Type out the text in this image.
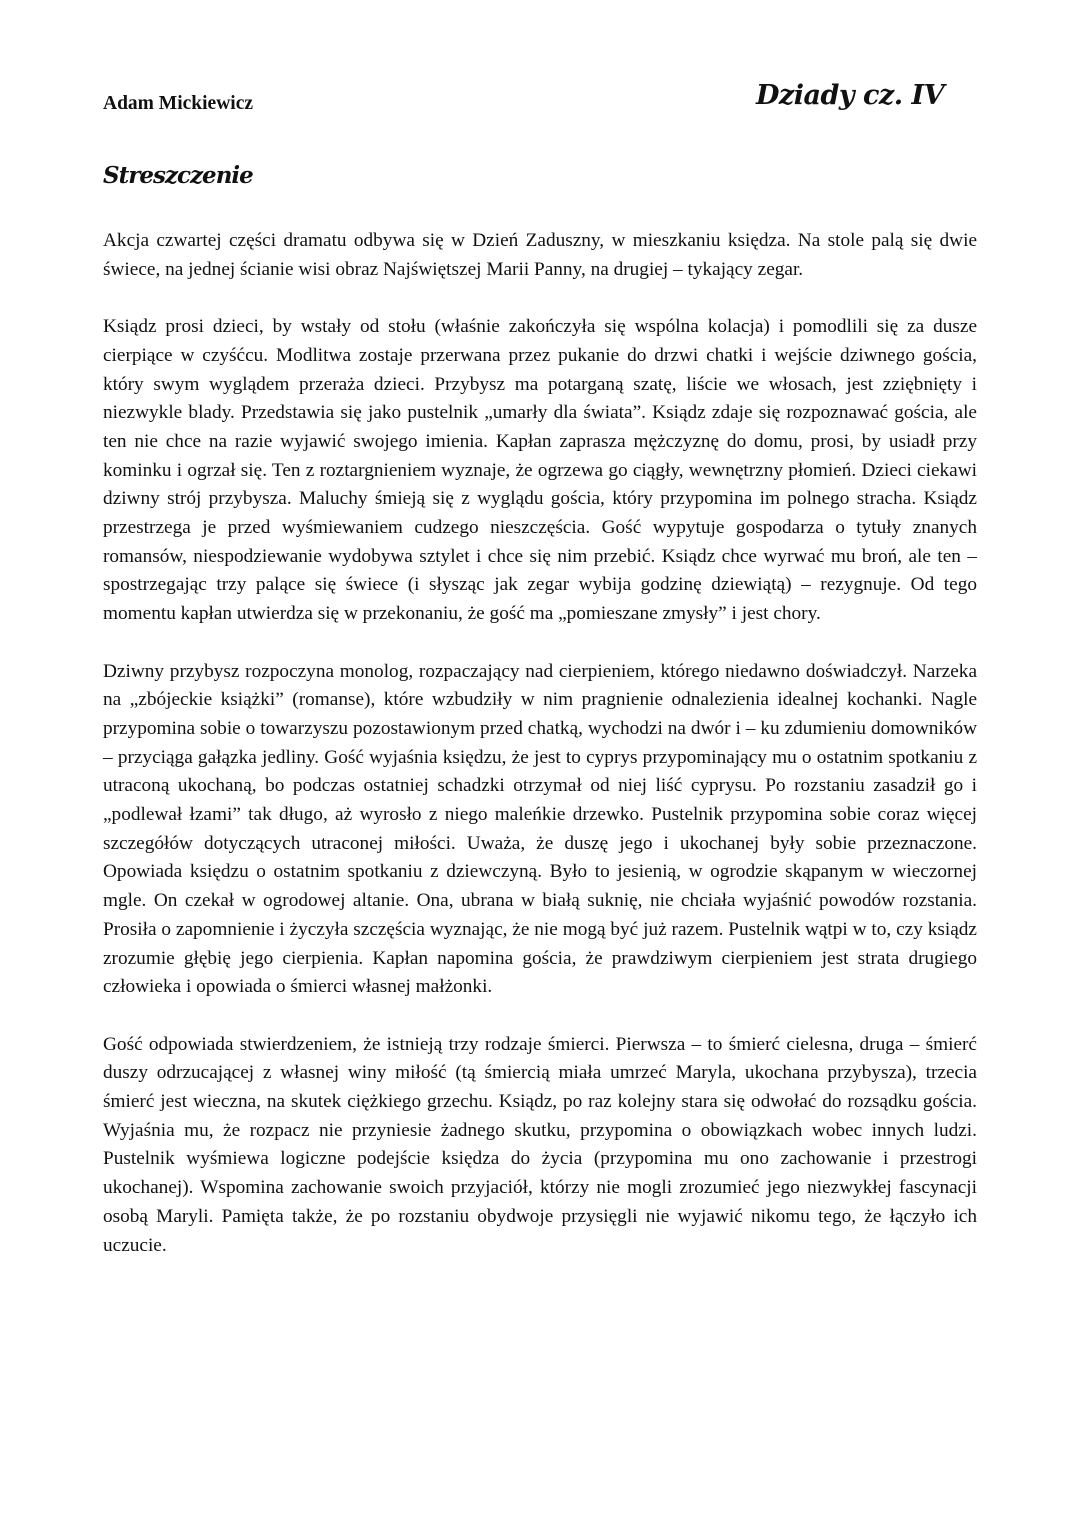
Adam Mickiewicz	Dziady cz. IV
Streszczenie

Akcja czwartej części dramatu odbywa się w Dzień Zaduszny, w mieszkaniu księdza. Na stole palą się dwie świece, na jednej ścianie wisi obraz Najświętszej Marii Panny, na drugiej – tykający zegar.

Ksiądz prosi dzieci, by wstały od stołu (właśnie zakończyła się wspólna kolacja) i pomodlili się za dusze cierpiące w czyśćcu. Modlitwa zostaje przerwana przez pukanie do drzwi chatki i wejście dziwnego gościa, który swym wyglądem przeraża dzieci. Przybysz ma potarganą szatę, liście we włosach, jest zziębnięty i niezwykle blady. Przedstawia się jako pustelnik „umarły dla świata”. Ksiądz zdaje się rozpoznawać gościa, ale ten nie chce na razie wyjawić swojego imienia. Kapłan zaprasza mężczyznę do domu, prosi, by usiadł przy kominku i ogrzał się. Ten z roztargnieniem wyznaje, że ogrzewa go ciągły, wewnętrzny płomień. Dzieci ciekawi dziwny strój przybysza. Maluchy śmieją się z wyglądu gościa, który przypomina im polnego stracha. Ksiądz przestrzega je przed wyśmiewaniem cudzego nieszczęścia. Gość wypytuje gospodarza o tytuły znanych romansów, niespodziewanie wydobywa sztylet i chce się nim przebić. Ksiądz chce wyrwać mu broń, ale ten – spostrzegając trzy palące się świece (i słysząc jak zegar wybija godzinę dziewiątą) – rezygnuje. Od tego momentu kapłan utwierdza się w przekonaniu, że gość ma „pomieszane zmysły” i jest chory.

Dziwny przybysz rozpoczyna monolog, rozpaczający nad cierpieniem, którego niedawno doświadczył. Narzeka na „zbójeckie książki” (romanse), które wzbudziły w nim pragnienie odnalezienia idealnej kochanki. Nagle przypomina sobie o towarzyszu pozostawionym przed chatką, wychodzi na dwór i – ku zdumieniu domowników – przyciąga gałązka jedliny. Gość wyjaśnia księdzu, że jest to cyprys przypominający mu o ostatnim spotkaniu z utraconą ukochaną, bo podczas ostatniej schadzki otrzymał od niej liść cyprysu. Po rozstaniu zasadził go i „podlewał łzami” tak długo, aż wyrosło z niego maleńkie drzewko. Pustelnik przypomina sobie coraz więcej szczegółów dotyczących utraconej miłości. Uważa, że duszę jego i ukochanej były sobie przeznaczone. Opowiada księdzu o ostatnim spotkaniu z dziewczyną. Było to jesienią, w ogrodzie skąpanym w wieczornej mgle. On czekał w ogrodowej altanie. Ona, ubrana w białą suknię, nie chciała wyjaśnić powodów rozstania. Prosiła o zapomnienie i życzyła szczęścia wyznając, że nie mogą być już razem. Pustelnik wątpi w to, czy ksiądz zrozumie głębię jego cierpienia. Kapłan napomina gościa, że prawdziwym cierpieniem jest strata drugiego człowieka i opowiada o śmierci własnej małżonki.

Gość odpowiada stwierdzeniem, że istnieją trzy rodzaje śmierci. Pierwsza – to śmierć cielesna, druga – śmierć duszy odrzucającej z własnej winy miłość (tą śmiercią miała umrzeć Maryla, ukochana przybysza), trzecia śmierć jest wieczna, na skutek ciężkiego grzechu. Ksiądz, po raz kolejny stara się odwołać do rozsądku gościa. Wyjaśnia mu, że rozpacz nie przyniesie żadnego skutku, przypomina o obowiązkach wobec innych ludzi. Pustelnik wyśmiewa logiczne podejście księdza do życia (przypomina mu ono zachowanie i przestrogi ukochanej). Wspomina zachowanie swoich przyjaciół, którzy nie mogli zrozumieć jego niezwykłej fascynacji osobą Maryli. Pamięta także, że po rozstaniu obydwoje przysięgli nie wyjawić nikomu tego, że łączyło ich uczucie.
